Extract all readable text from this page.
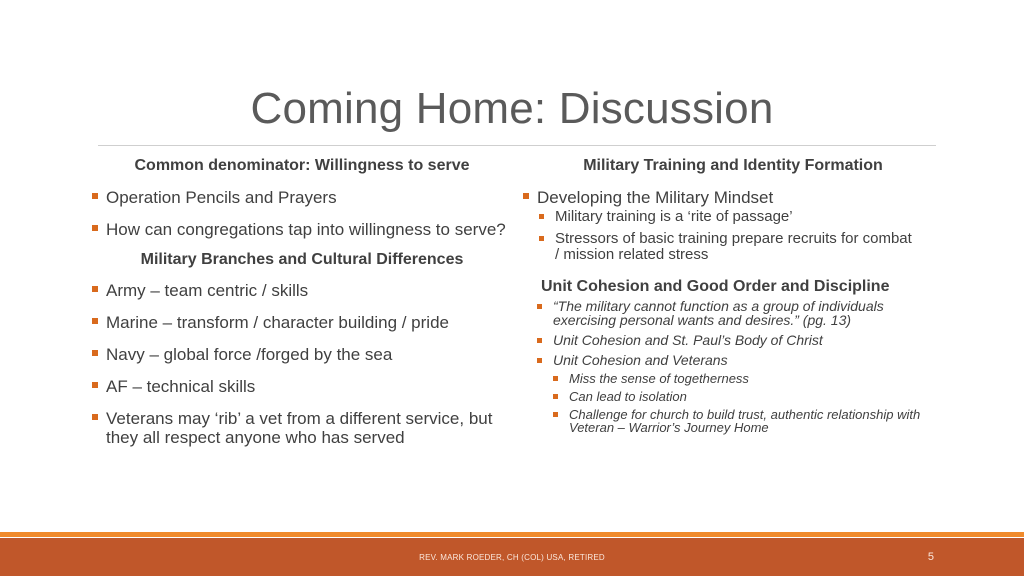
Coming Home: Discussion
Common denominator: Willingness to serve
Operation Pencils and Prayers
How can congregations tap into willingness to serve?
Military Branches and Cultural Differences
Army – team centric / skills
Marine – transform / character building / pride
Navy – global force /forged by the sea
AF – technical skills
Veterans may ‘rib’ a vet from a different service, but they all respect anyone who has served
Military Training and Identity Formation
Developing the Military Mindset
Military training is a ‘rite of passage’
Stressors of basic training prepare recruits for combat / mission related stress
Unit Cohesion and Good Order and Discipline
“The military cannot function as a group of individuals exercising personal wants and desires.” (pg. 13)
Unit Cohesion and St. Paul’s Body of Christ
Unit Cohesion and Veterans
Miss the sense of togetherness
Can lead to isolation
Challenge for church to build trust, authentic relationship with Veteran – Warrior’s Journey Home
REV. MARK ROEDER, CH (COL) USA, RETIRED	5
